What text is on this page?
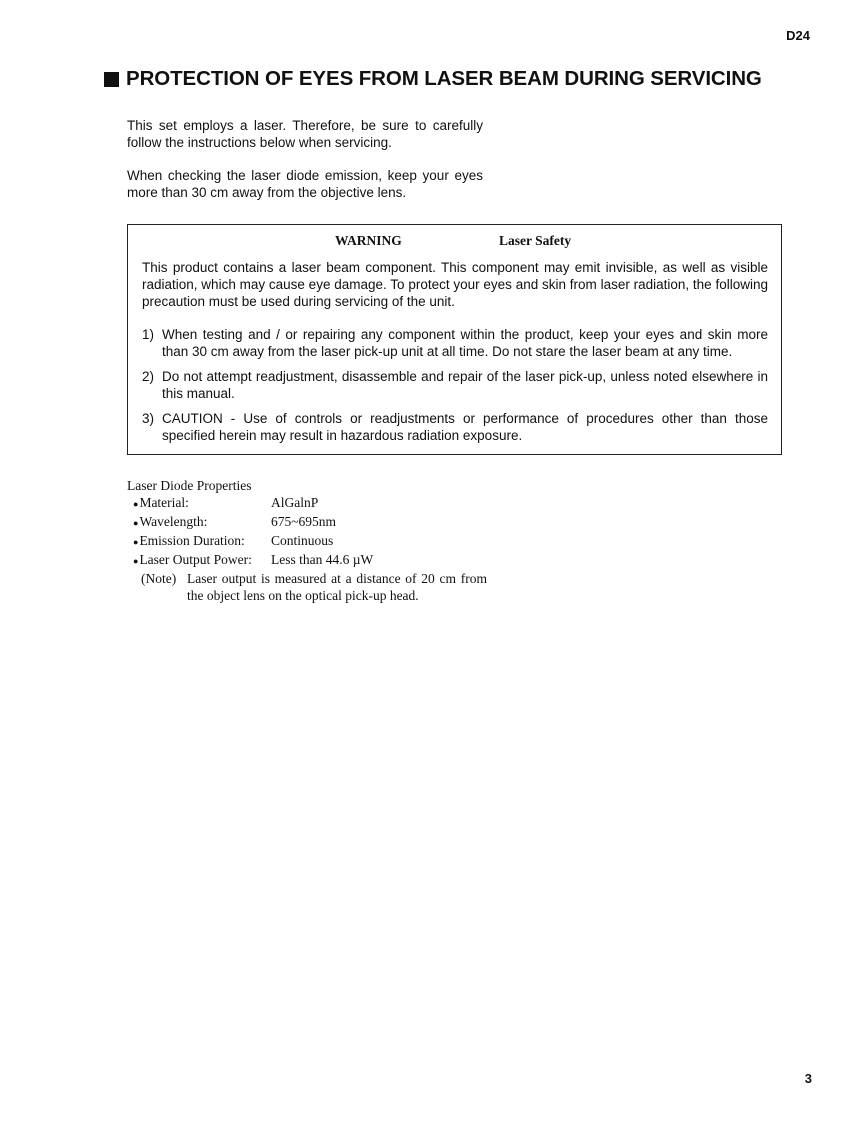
D24
PROTECTION OF EYES FROM LASER BEAM DURING SERVICING

This set employs a laser. Therefore, be sure to carefully follow the instructions below when servicing.

When checking the laser diode emission, keep your eyes more than 30 cm away from the objective lens.

WARNING	Laser Safety

This product contains a laser beam component. This component may emit invisible, as well as visible radiation, which may cause eye damage. To protect your eyes and skin from laser radiation, the following precaution must be used during servicing of the unit.

1) When testing and / or repairing any component within the product, keep your eyes and skin more than 30 cm away from the laser pick-up unit at all time. Do not stare the laser beam at any time.
2) Do not attempt readjustment, disassemble and repair of the laser pick-up, unless noted elsewhere in this manual.
3) CAUTION - Use of controls or readjustments or performance of procedures other than those specified herein may result in hazardous radiation exposure.

Laser Diode Properties

●Material:	AlGalnP
●Wavelength:	675~695nm
●Emission Duration:	Continuous
●Laser Output Power:	Less than 44.6 µW
(Note) Laser output is measured at a distance of 20 cm from the object lens on the optical pick-up head.
3
